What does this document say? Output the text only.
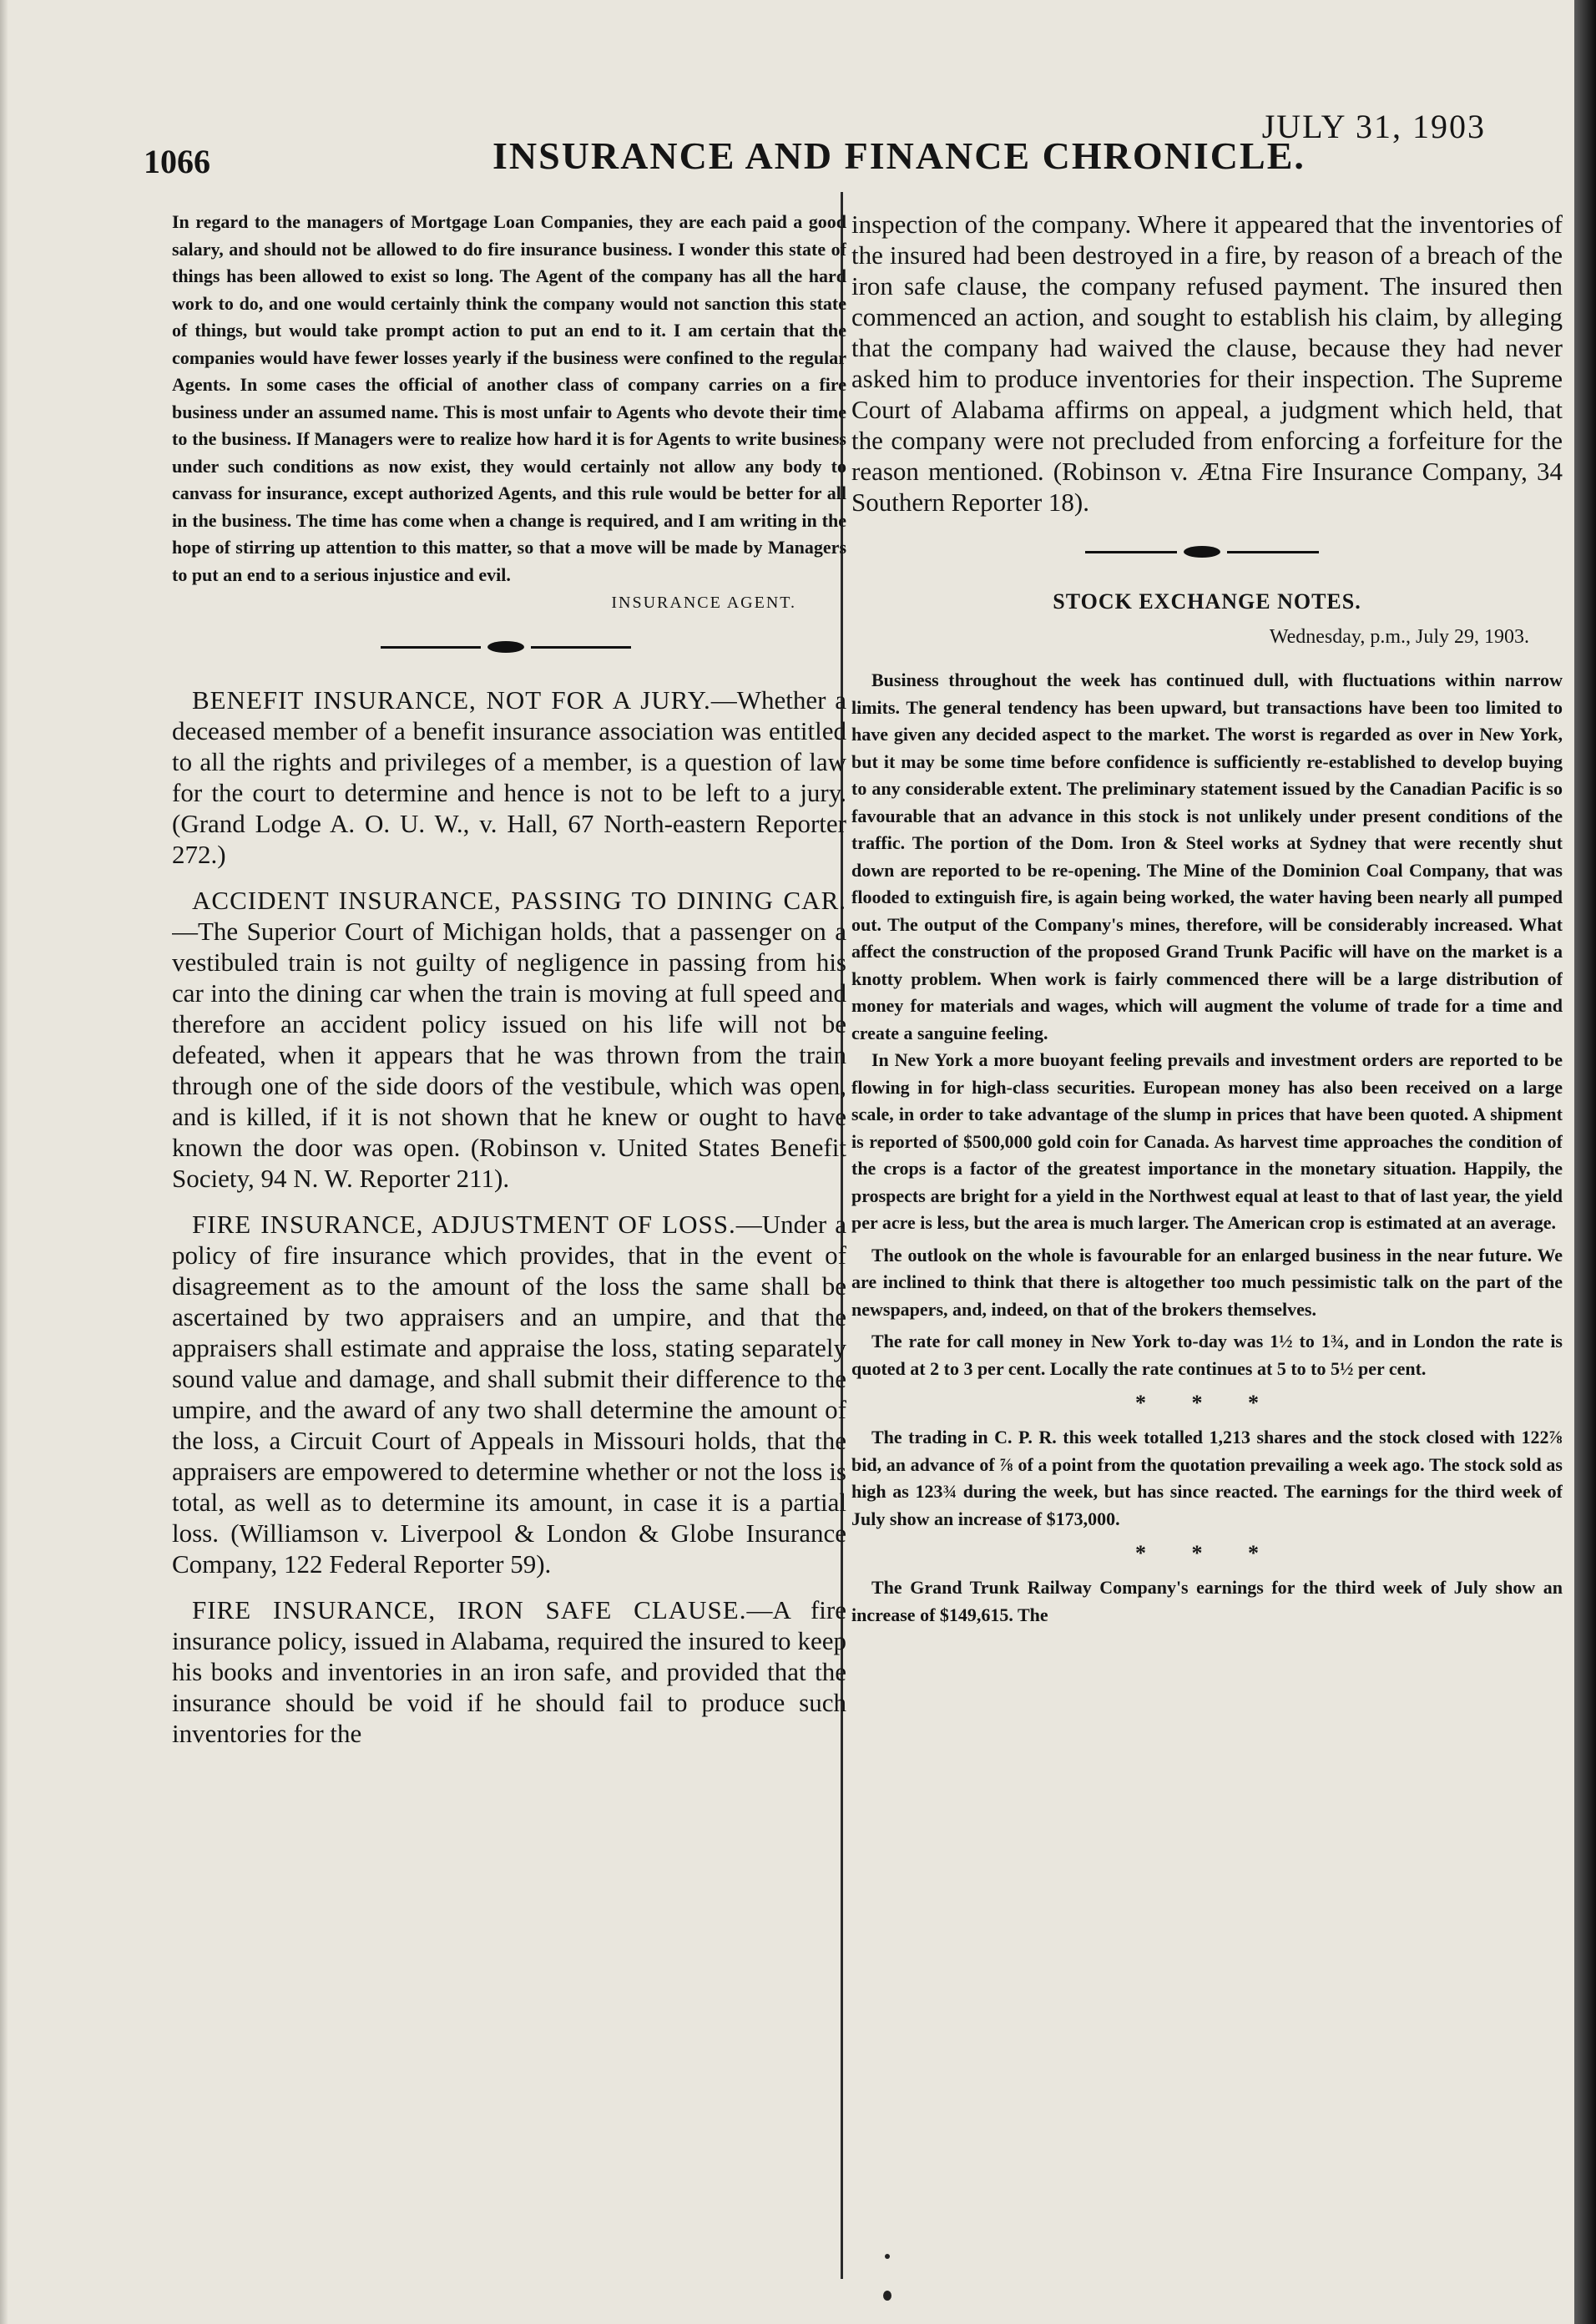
1066	INSURANCE AND FINANCE CHRONICLE.
JULY 31, 1903

In regard to the managers of Mortgage Loan Companies, they are each paid a good salary, and should not be allowed to do fire insurance business. I wonder this state of things has been allowed to exist so long. The Agent of the company has all the hard work to do, and one would certainly think the company would not sanction this state of things, but would take prompt action to put an end to it. I am certain that the companies would have fewer losses yearly if the business were confined to the regular Agents. In some cases the official of another class of company carries on a fire business under an assumed name. This is most unfair to Agents who devote their time to the business. If Managers were to realize how hard it is for Agents to write business under such conditions as now exist, they would certainly not allow any body to canvass for insurance, except authorized Agents, and this rule would be better for all in the business. The time has come when a change is required, and I am writing in the hope of stirring up attention to this matter, so that a move will be made by Managers to put an end to a serious injustice and evil.

INSURANCE AGENT.

BENEFIT INSURANCE, NOT FOR A JURY.—Whether a deceased member of a benefit insurance association was entitled to all the rights and privileges of a member, is a question of law for the court to determine and hence is not to be left to a jury. (Grand Lodge A. O. U. W., v. Hall, 67 North-eastern Reporter 272.)

ACCIDENT INSURANCE, PASSING TO DINING CAR.—The Superior Court of Michigan holds, that a passenger on a vestibuled train is not guilty of negligence in passing from his car into the dining car when the train is moving at full speed and therefore an accident policy issued on his life will not be defeated, when it appears that he was thrown from the train through one of the side doors of the vestibule, which was open, and is killed, if it is not shown that he knew or ought to have known the door was open. (Robinson v. United States Benefit Society, 94 N. W. Reporter 211).

FIRE INSURANCE, ADJUSTMENT OF LOSS.—Under a policy of fire insurance which provides, that in the event of disagreement as to the amount of the loss the same shall be ascertained by two appraisers and an umpire, and that the appraisers shall estimate and appraise the loss, stating separately sound value and damage, and shall submit their difference to the umpire, and the award of any two shall determine the amount of the loss, a Circuit Court of Appeals in Missouri holds, that the appraisers are empowered to determine whether or not the loss is total, as well as to determine its amount, in case it is a partial loss. (Williamson v. Liverpool & London & Globe Insurance Company, 122 Federal Reporter 59).

FIRE INSURANCE, IRON SAFE CLAUSE.—A fire insurance policy, issued in Alabama, required the insured to keep his books and inventories in an iron safe, and provided that the insurance should be void if he should fail to produce such inventories for the

inspection of the company. Where it appeared that the inventories of the insured had been destroyed in a fire, by reason of a breach of the iron safe clause, the company refused payment. The insured then commenced an action, and sought to establish his claim, by alleging that the company had waived the clause, because they had never asked him to produce inventories for their inspection. The Supreme Court of Alabama affirms on appeal, a judgment which held, that the company were not precluded from enforcing a forfeiture for the reason mentioned. (Robinson v. Ætna Fire Insurance Company, 34 Southern Reporter 18).

STOCK EXCHANGE NOTES.

Wednesday, p.m., July 29, 1903.

Business throughout the week has continued dull, with fluctuations within narrow limits. The general tendency has been upward, but transactions have been too limited to have given any decided aspect to the market. The worst is regarded as over in New York, but it may be some time before confidence is sufficiently re-established to develop buying to any considerable extent. The preliminary statement issued by the Canadian Pacific is so favourable that an advance in this stock is not unlikely under present conditions of the traffic. The portion of the Dom. Iron & Steel works at Sydney that were recently shut down are reported to be re-opening. The Mine of the Dominion Coal Company, that was flooded to extinguish fire, is again being worked, the water having been nearly all pumped out. The output of the Company's mines, therefore, will be considerably increased. What affect the construction of the proposed Grand Trunk Pacific will have on the market is a knotty problem. When work is fairly commenced there will be a large distribution of money for materials and wages, which will augment the volume of trade for a time and create a sanguine feeling.

In New York a more buoyant feeling prevails and investment orders are reported to be flowing in for high-class securities. European money has also been received on a large scale, in order to take advantage of the slump in prices that have been quoted. A shipment is reported of $500,000 gold coin for Canada. As harvest time approaches the condition of the crops is a factor of the greatest importance in the monetary situation. Happily, the prospects are bright for a yield in the Northwest equal at least to that of last year, the yield per acre is less, but the area is much larger. The American crop is estimated at an average.

The outlook on the whole is favourable for an enlarged business in the near future. We are inclined to think that there is altogether too much pessimistic talk on the part of the newspapers, and, indeed, on that of the brokers themselves.

The rate for call money in New York to-day was 1½ to 1¾, and in London the rate is quoted at 2 to 3 per cent. Locally the rate continues at 5 to to 5½ per cent.

* * *

The trading in C. P. R. this week totalled 1,213 shares and the stock closed with 122⅞ bid, an advance of ⅞ of a point from the quotation prevailing a week ago. The stock sold as high as 123¾ during the week, but has since reacted. The earnings for the third week of July show an increase of $173,000.

* * *

The Grand Trunk Railway Company's earnings for the third week of July show an increase of $149,615. The
